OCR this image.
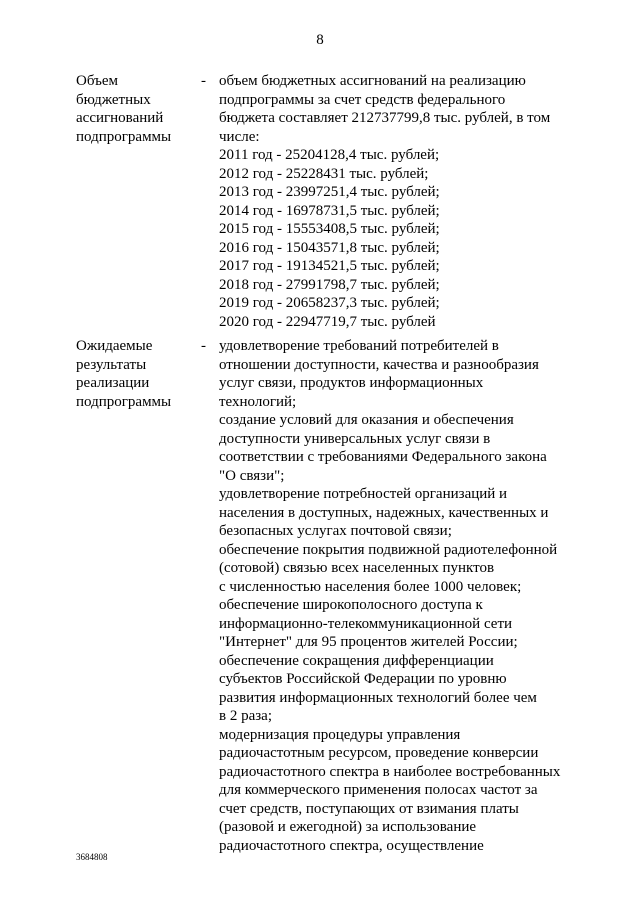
8
Объем
бюджетных
ассигнований
подпрограммы
- объем бюджетных ассигнований на реализацию
подпрограммы за счет средств федерального
бюджета составляет 212737799,8 тыс. рублей, в том
числе:
2011 год - 25204128,4 тыс. рублей;
2012 год - 25228431 тыс. рублей;
2013 год - 23997251,4 тыс. рублей;
2014 год - 16978731,5 тыс. рублей;
2015 год - 15553408,5 тыс. рублей;
2016 год - 15043571,8 тыс. рублей;
2017 год - 19134521,5 тыс. рублей;
2018 год - 27991798,7 тыс. рублей;
2019 год - 20658237,3 тыс. рублей;
2020 год - 22947719,7 тыс. рублей
Ожидаемые
результаты
реализации
подпрограммы
- удовлетворение требований потребителей в
отношении доступности, качества и разнообразия
услуг связи, продуктов информационных
технологий;
создание условий для оказания и обеспечения
доступности универсальных услуг связи в
соответствии с требованиями Федерального закона
"О связи";
удовлетворение потребностей организаций и
населения в доступных, надежных, качественных и
безопасных услугах почтовой связи;
обеспечение покрытия подвижной радиотелефонной
(сотовой) связью всех населенных пунктов
с численностью населения более 1000 человек;
обеспечение широкополосного доступа к
информационно-телекоммуникационной сети
"Интернет" для 95 процентов жителей России;
обеспечение сокращения дифференциации
субъектов Российской Федерации по уровню
развития информационных технологий более чем
в 2 раза;
модернизация процедуры управления
радиочастотным ресурсом, проведение конверсии
радиочастотного спектра в наиболее востребованных
для коммерческого применения полосах частот за
счет средств, поступающих от взимания платы
(разовой и ежегодной) за использование
радиочастотного спектра, осуществление
3684808
